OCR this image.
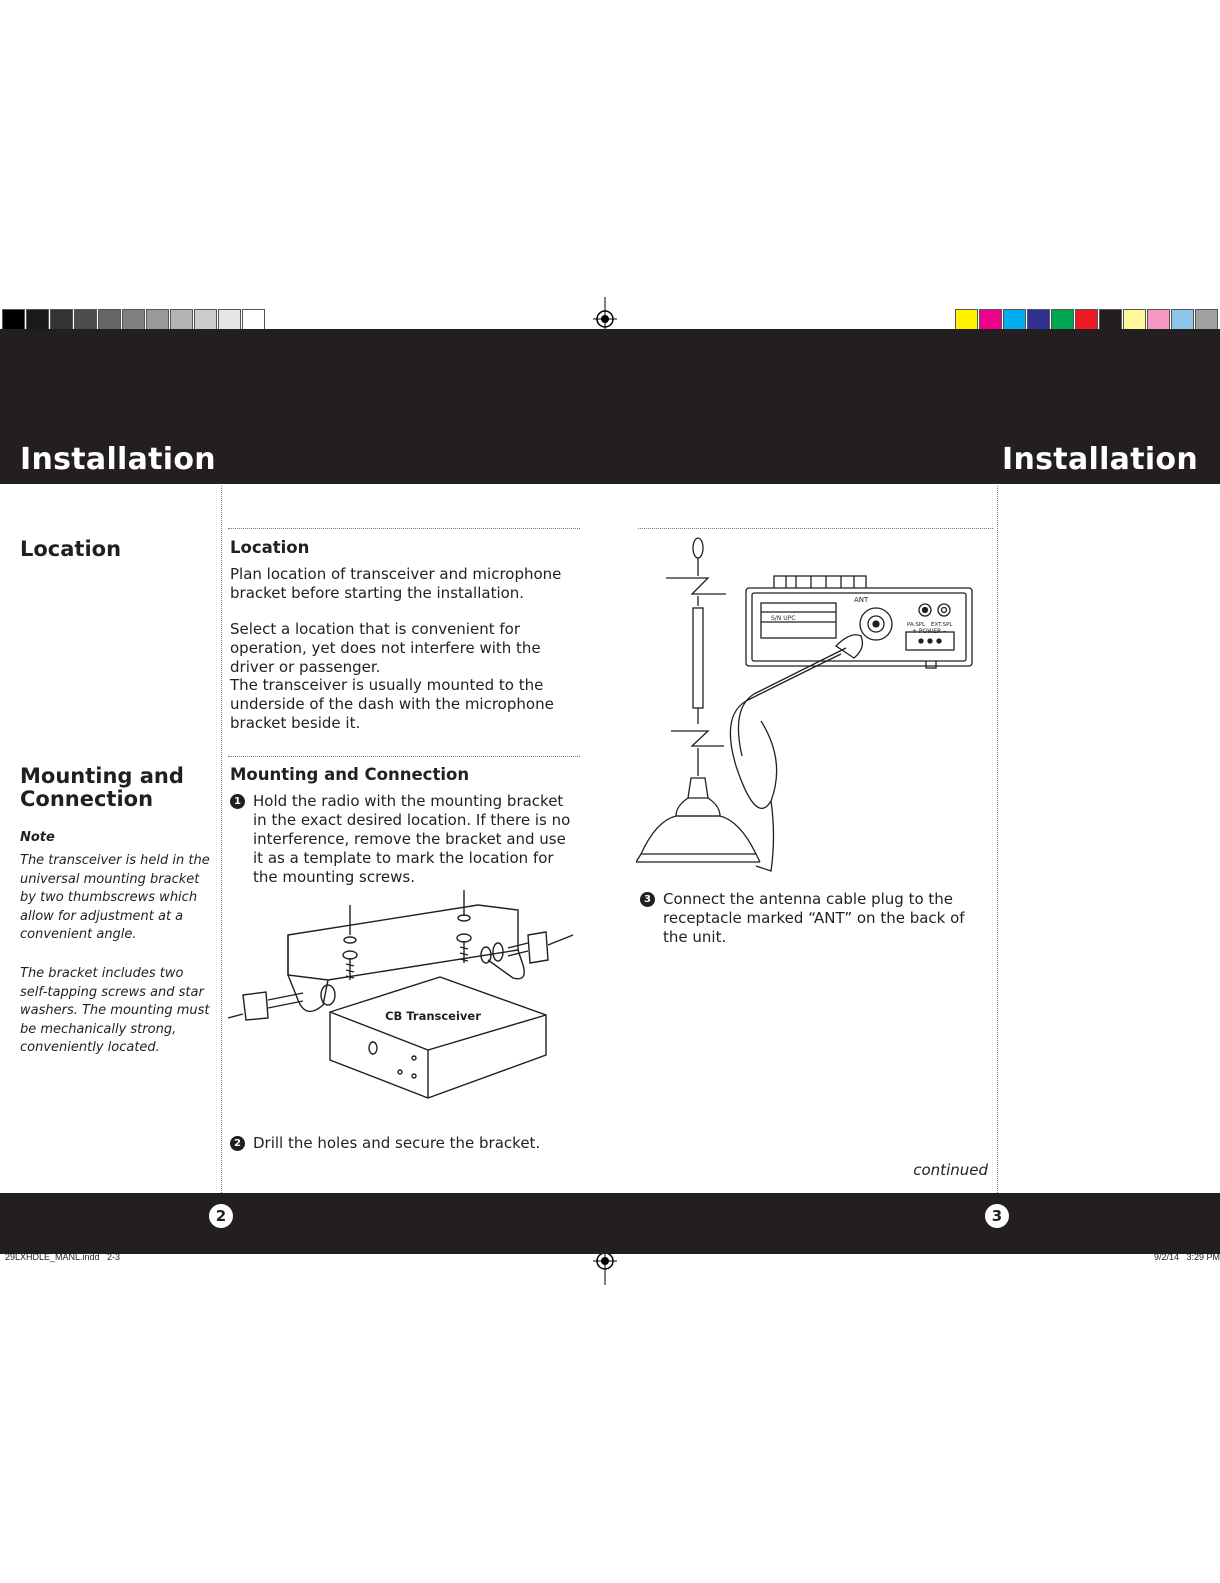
Installation	Installation
Location
Mounting and Connection
Note

The transceiver is held in the universal mounting bracket by two thumbscrews which allow for adjustment at a convenient angle.

The bracket includes two self-tapping screws and star washers. The mounting must be mechanically strong, conveniently located.

Location

Plan location of transceiver and microphone bracket before starting the installation.

Select a location that is convenient for operation, yet does not interfere with the driver or passenger.

The transceiver is usually mounted to the underside of the dash with the microphone bracket beside it.

Mounting and Connection
1 Hold the radio with the mounting bracket in the exact desired location. If there is no interference, remove the bracket and use it as a template to mark the location for the mounting screws.
CB Transceiver
2 Drill the holes and secure the bracket.
ANT
S/N UPC
PA.SPL EXT.SPL
+ POWER –
3 Connect the antenna cable plug to the receptacle marked “ANT” on the back of the unit.
continued
2	3
29LXHDLE_MANL.indd   2-3	9/2/14   3:29 PM
